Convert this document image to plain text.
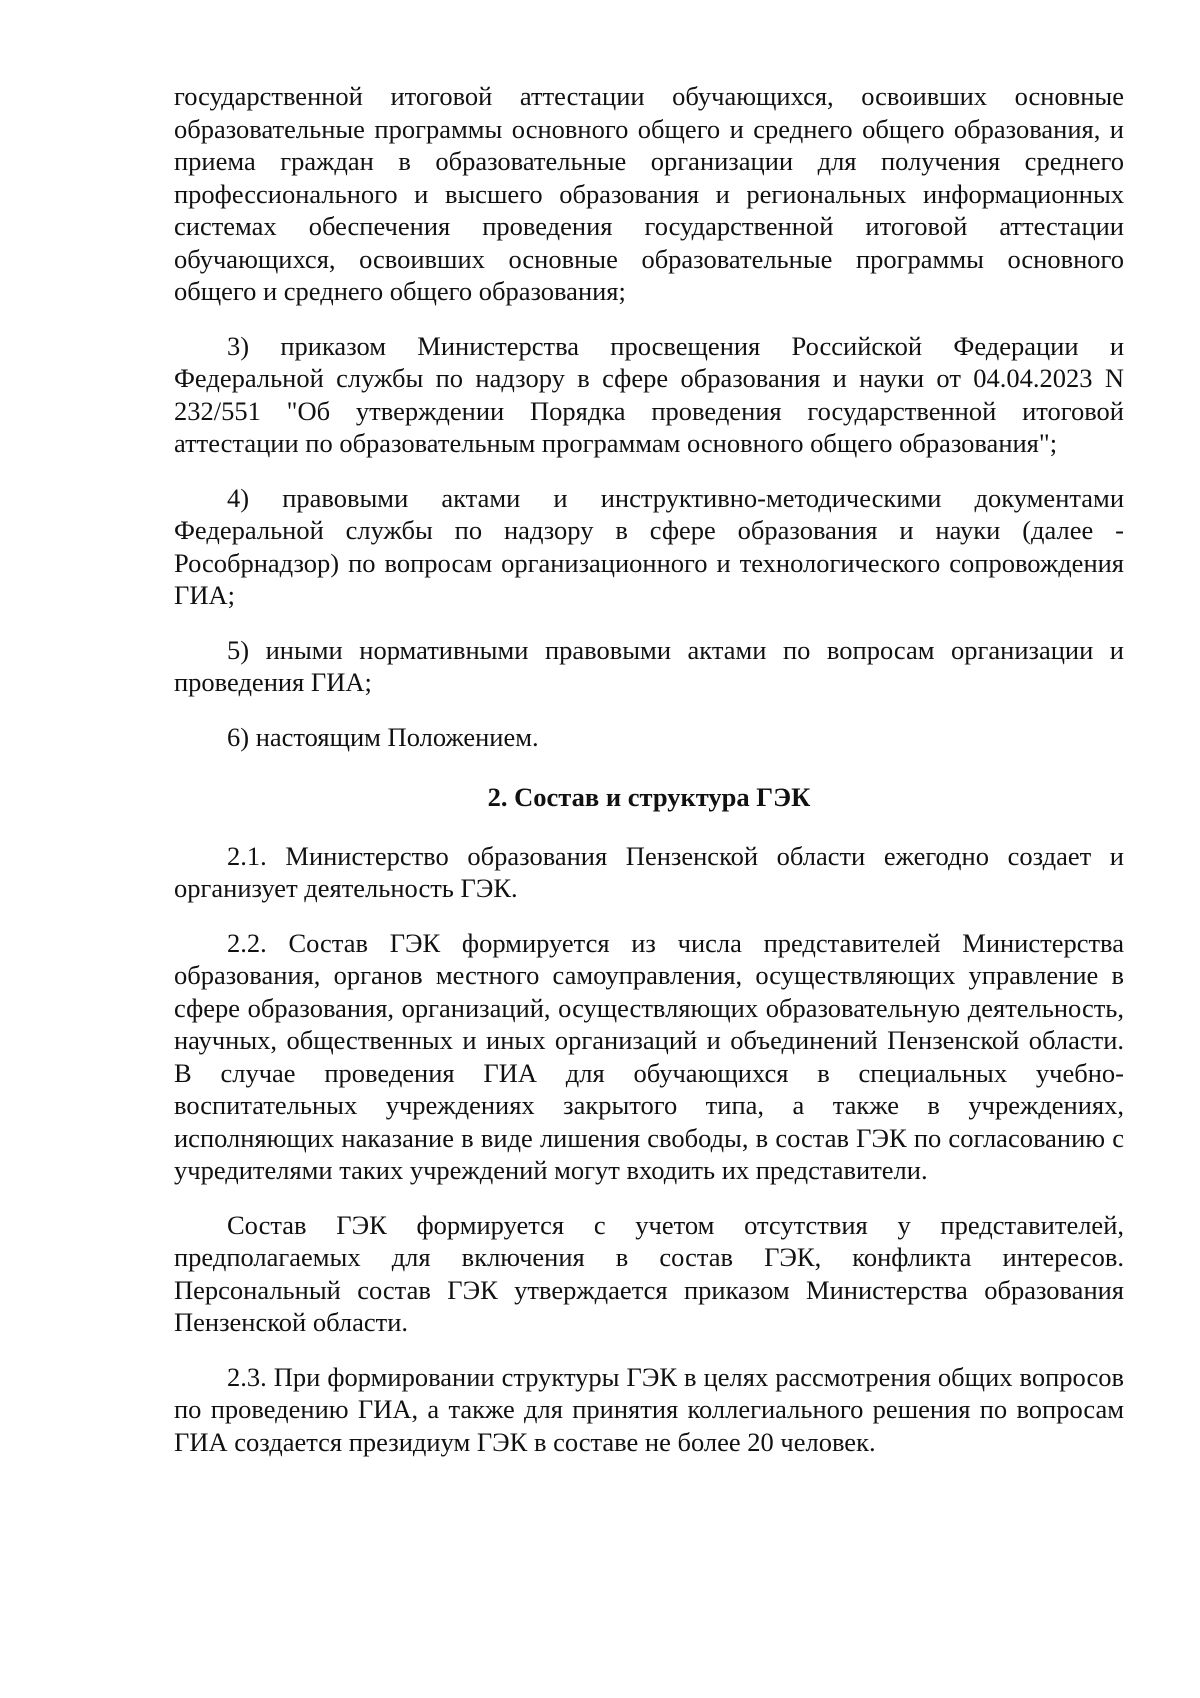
государственной итоговой аттестации обучающихся, освоивших основные образовательные программы основного общего и среднего общего образования, и приема граждан в образовательные организации для получения среднего профессионального и высшего образования и региональных информационных системах обеспечения проведения государственной итоговой аттестации обучающихся, освоивших основные образовательные программы основного общего и среднего общего образования;

3) приказом Министерства просвещения Российской Федерации и Федеральной службы по надзору в сфере образования и науки от 04.04.2023 N 232/551 "Об утверждении Порядка проведения государственной итоговой аттестации по образовательным программам основного общего образования";

4) правовыми актами и инструктивно-методическими документами Федеральной службы по надзору в сфере образования и науки (далее - Рособрнадзор) по вопросам организационного и технологического сопровождения ГИА;

5) иными нормативными правовыми актами по вопросам организации и проведения ГИА;

6) настоящим Положением.

2. Состав и структура ГЭК

2.1. Министерство образования Пензенской области ежегодно создает и организует деятельность ГЭК.

2.2. Состав ГЭК формируется из числа представителей Министерства образования, органов местного самоуправления, осуществляющих управление в сфере образования, организаций, осуществляющих образовательную деятельность, научных, общественных и иных организаций и объединений Пензенской области. В случае проведения ГИА для обучающихся в специальных учебно-воспитательных учреждениях закрытого типа, а также в учреждениях, исполняющих наказание в виде лишения свободы, в состав ГЭК по согласованию с учредителями таких учреждений могут входить их представители.

Состав ГЭК формируется с учетом отсутствия у представителей, предполагаемых для включения в состав ГЭК, конфликта интересов. Персональный состав ГЭК утверждается приказом Министерства образования Пензенской области.

2.3. При формировании структуры ГЭК в целях рассмотрения общих вопросов по проведению ГИА, а также для принятия коллегиального решения по вопросам ГИА создается президиум ГЭК в составе не более 20 человек.
